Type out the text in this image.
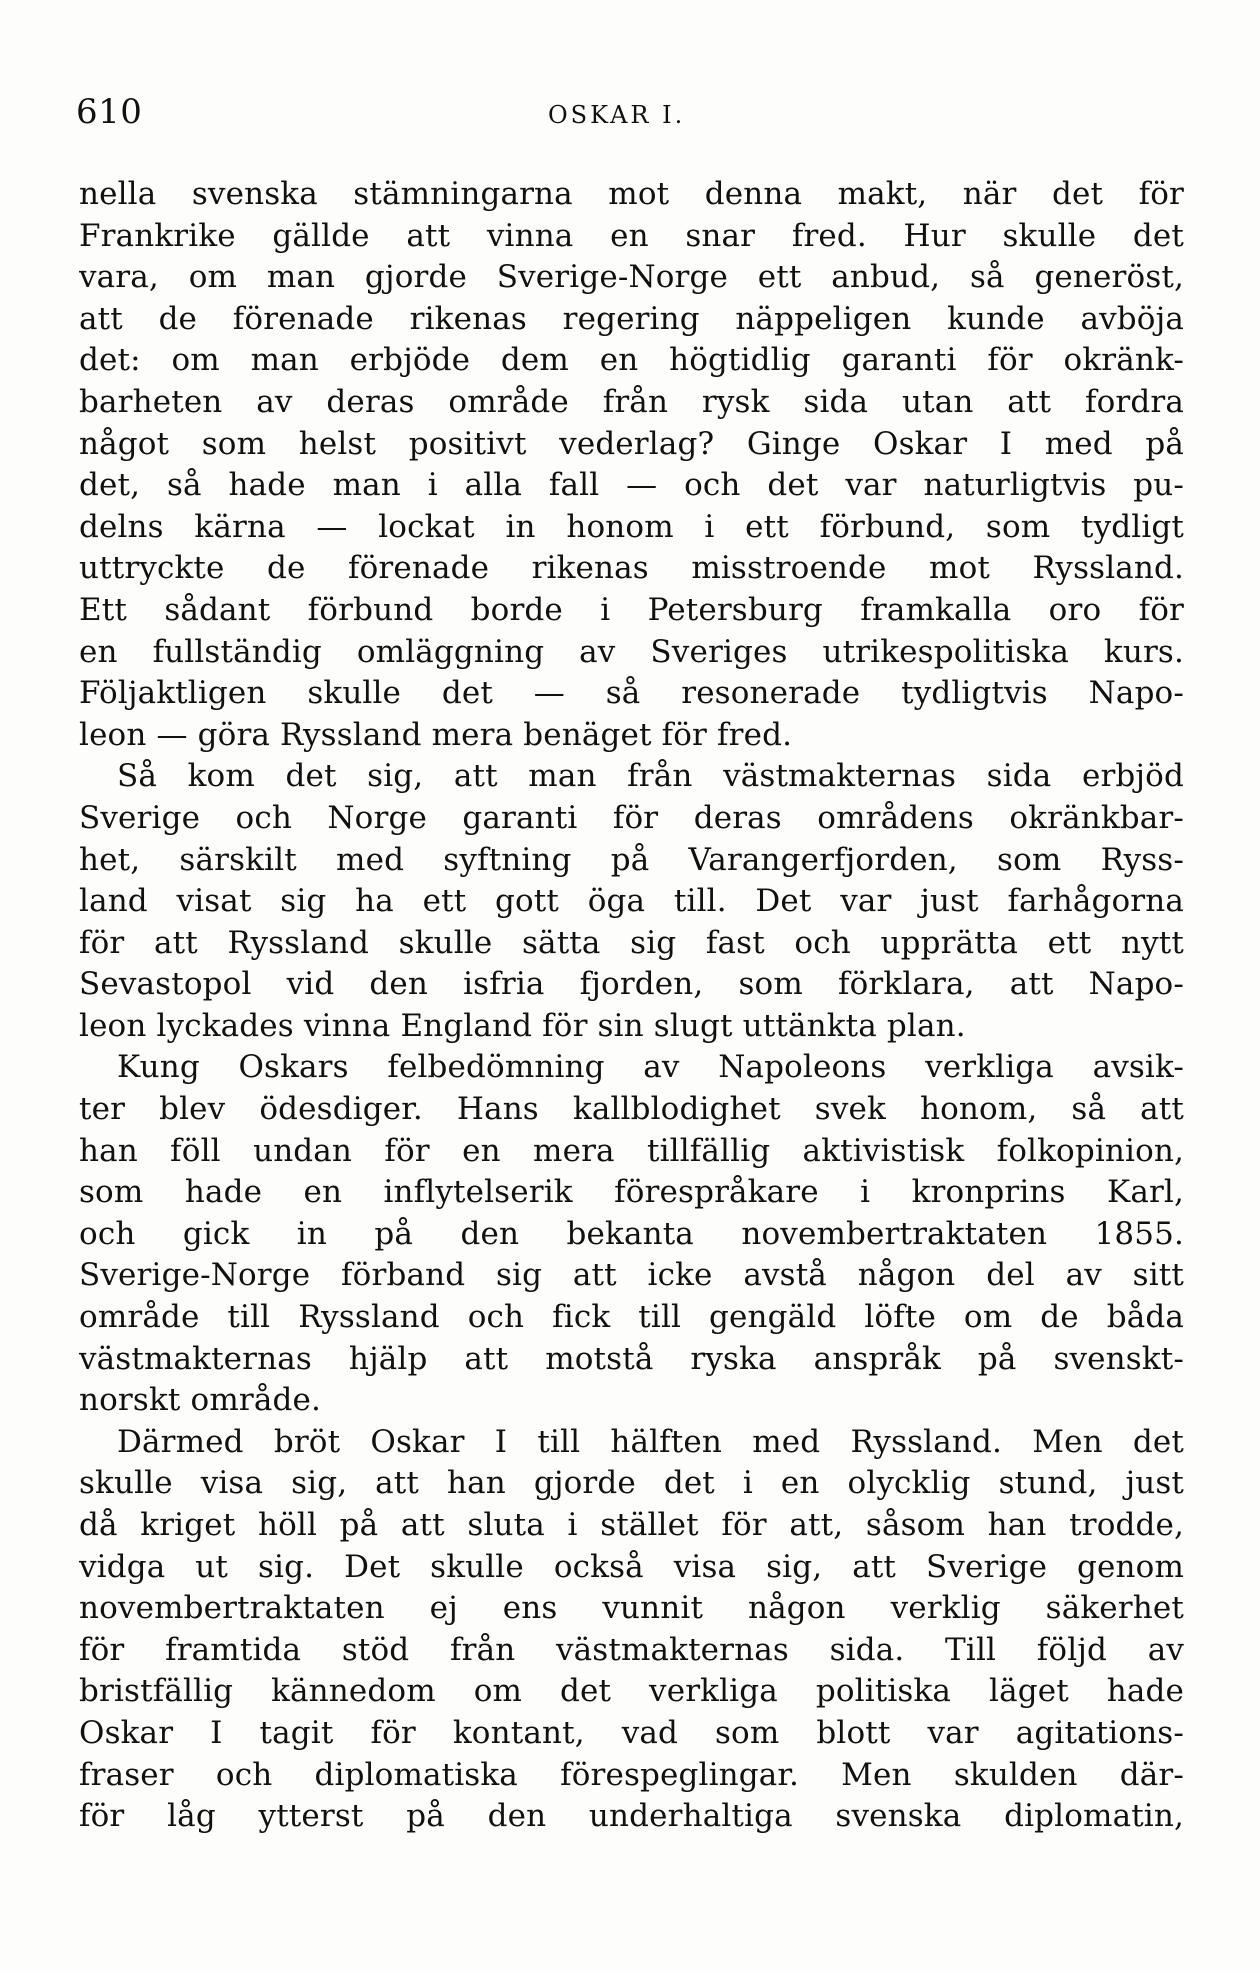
610	OSKAR I.
nella svenska stämningarna mot denna makt, när det för
Frankrike gällde att vinna en snar fred. Hur skulle det
vara, om man gjorde Sverige-Norge ett anbud, så generöst,
att de förenade rikenas regering näppeligen kunde avböja
det: om man erbjöde dem en högtidlig garanti för okränk-
barheten av deras område från rysk sida utan att fordra
något som helst positivt vederlag? Ginge Oskar I med på
det, så hade man i alla fall — och det var naturligtvis pu-
delns kärna — lockat in honom i ett förbund, som tydligt
uttryckte de förenade rikenas misstroende mot Ryssland.
Ett sådant förbund borde i Petersburg framkalla oro för
en fullständig omläggning av Sveriges utrikespolitiska kurs.
Följaktligen skulle det — så resonerade tydligtvis Napo-
leon — göra Ryssland mera benäget för fred.
Så kom det sig, att man från västmakternas sida erbjöd
Sverige och Norge garanti för deras områdens okränkbar-
het, särskilt med syftning på Varangerfjorden, som Ryss-
land visat sig ha ett gott öga till. Det var just farhågorna
för att Ryssland skulle sätta sig fast och upprätta ett nytt
Sevastopol vid den isfria fjorden, som förklara, att Napo-
leon lyckades vinna England för sin slugt uttänkta plan.
Kung Oskars felbedömning av Napoleons verkliga avsik-
ter blev ödesdiger. Hans kallblodighet svek honom, så att
han föll undan för en mera tillfällig aktivistisk folkopinion,
som hade en inflytelserik förespråkare i kronprins Karl,
och gick in på den bekanta novembertraktaten 1855.
Sverige-Norge förband sig att icke avstå någon del av sitt
område till Ryssland och fick till gengäld löfte om de båda
västmakternas hjälp att motstå ryska anspråk på svenskt-
norskt område.
Därmed bröt Oskar I till hälften med Ryssland. Men det
skulle visa sig, att han gjorde det i en olycklig stund, just
då kriget höll på att sluta i stället för att, såsom han trodde,
vidga ut sig. Det skulle också visa sig, att Sverige genom
novembertraktaten ej ens vunnit någon verklig säkerhet
för framtida stöd från västmakternas sida. Till följd av
bristfällig kännedom om det verkliga politiska läget hade
Oskar I tagit för kontant, vad som blott var agitations-
fraser och diplomatiska förespeglingar. Men skulden där-
för låg ytterst på den underhaltiga svenska diplomatin,
